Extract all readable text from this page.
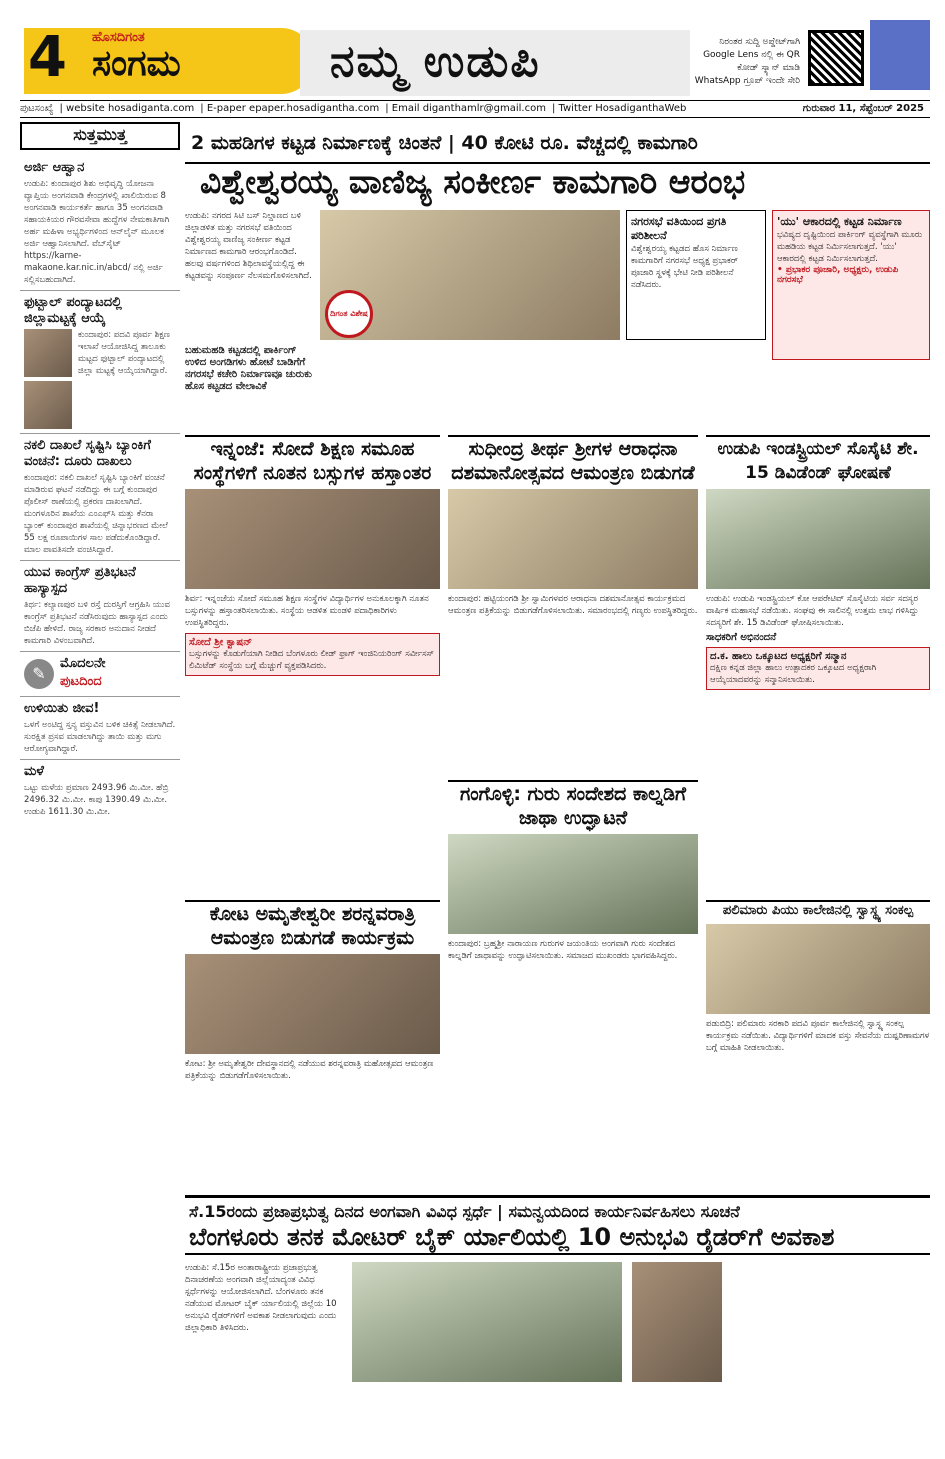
4 ಹೊಸದಿಗಂತ
ಸಂಗಮ	ನಮ್ಮ ಉಡುಪಿ	ನಿರಂತರ ಸುದ್ದಿ ಅಪ್ಡೇಟ್‌ಗಾಗಿ Google Lens ನಲ್ಲಿ ಈ QR ಕೋಡ್ ಸ್ಕ್ಯಾನ್ ಮಾಡಿ WhatsApp ಗ್ರೂಪ್ ಇಂದೇ ಸೇರಿ
ಪುಟಸಂಖ್ಯೆ | website hosadiganta.com | E-paper epaper.hosadigantha.com | Email diganthamlr@gmail.com | Twitter HosadiganthaWeb	ಗುರುವಾರ 11, ಸೆಪ್ಟೆಂಬರ್ 2025
ಸುತ್ತಮುತ್ತ
ಅರ್ಜಿ ಆಹ್ವಾನ
ಉಡುಪಿ: ಕುಂದಾಪುರ ಶಿಶು ಅಭಿವೃದ್ಧಿ ಯೋಜನಾ ವ್ಯಾಪ್ತಿಯ ಅಂಗನವಾಡಿ ಕೇಂದ್ರಗಳಲ್ಲಿ ಖಾಲಿಯಿರುವ 8 ಅಂಗನವಾಡಿ ಕಾರ್ಯಕರ್ತೆ ಹಾಗೂ 35 ಅಂಗನವಾಡಿ ಸಹಾಯಕಿಯರ ಗೌರವಸೇವಾ ಹುದ್ದೆಗಳ ನೇಮಕಾತಿಗಾಗಿ ಅರ್ಹ ಮಹಿಳಾ ಅಭ್ಯರ್ಥಿಗಳಿಂದ ಆನ್‌ಲೈನ್ ಮೂಲಕ ಅರ್ಜಿ ಆಹ್ವಾನಿಸಲಾಗಿದೆ. ವೆಬ್‌ಸೈಟ್ https://karne-makaone.kar.nic.in/abcd/ ನಲ್ಲಿ ಅರ್ಜಿ ಸಲ್ಲಿಸಬಹುದಾಗಿದೆ.
ಫುಟ್ಬಾಲ್ ಪಂದ್ಯಾಟದಲ್ಲಿ ಜಿಲ್ಲಾಮಟ್ಟಕ್ಕೆ ಆಯ್ಕೆ
ಕುಂದಾಪುರ: ಪದವಿ ಪೂರ್ವ ಶಿಕ್ಷಣ ಇಲಾಖೆ ಆಯೋಜಿಸಿದ್ದ ತಾಲೂಕು ಮಟ್ಟದ ಫುಟ್ಬಾಲ್ ಪಂದ್ಯಾಟದಲ್ಲಿ ಜಿಲ್ಲಾ ಮಟ್ಟಕ್ಕೆ ಆಯ್ಕೆಯಾಗಿದ್ದಾರೆ.
ನಕಲಿ ದಾಖಲೆ ಸೃಷ್ಟಿಸಿ ಬ್ಯಾಂಕಿಗೆ ವಂಚನೆ: ದೂರು ದಾಖಲು
ಕುಂದಾಪುರ: ನಕಲಿ ದಾಖಲೆ ಸೃಷ್ಟಿಸಿ ಬ್ಯಾಂಕಿಗೆ ವಂಚನೆ ಮಾಡಿರುವ ಘಟನೆ ನಡೆದಿದ್ದು ಈ ಬಗ್ಗೆ ಕುಂದಾಪುರ ಪೊಲೀಸ್ ಠಾಣೆಯಲ್ಲಿ ಪ್ರಕರಣ ದಾಖಲಾಗಿದೆ. ಮಂಗಳೂರಿನ ಶಾಖೆಯ ಎಂಎಫ್‌ಸಿ ಮತ್ತು ಕೆನರಾ ಬ್ಯಾಂಕ್ ಕುಂದಾಪುರ ಶಾಖೆಯಲ್ಲಿ ಚಿನ್ನಾಭರಣದ ಮೇಲೆ 55 ಲಕ್ಷ ರೂಪಾಯಿಗಳ ಸಾಲ ಪಡೆದುಕೊಂಡಿದ್ದಾರೆ. ಮಾಲ ಪಾವತಿಸದೇ ವಂಚಿಸಿದ್ದಾರೆ.
ಯುವ ಕಾಂಗ್ರೆಸ್ ಪ್ರತಿಭಟನೆ ಹಾಸ್ಯಾಸ್ಪದ
ತಿರ್ಥ: ಕಲ್ಯಾಣಪುರ ಬಳಿ ರಸ್ತೆ ದುರಸ್ತಿಗೆ ಆಗ್ರಹಿಸಿ ಯುವ ಕಾಂಗ್ರೆಸ್ ಪ್ರತಿಭಟನೆ ನಡೆಸಿರುವುದು ಹಾಸ್ಯಾಸ್ಪದ ಎಂದು ಬಿಜೆಪಿ ಹೇಳಿದೆ. ರಾಜ್ಯ ಸರಕಾರ ಅನುದಾನ ನೀಡದೆ ಕಾಮಗಾರಿ ವಿಳಂಬವಾಗಿದೆ.
✎
ಮೊದಲನೇ
ಪುಟದಿಂದ
ಉಳಿಯಿತು ಜೀವ!
ಒಳಗೆ ಅಂಟಿದ್ದ ಸ್ತನ್ಯ ವಸ್ತುವಿನ ಬಳಿಕ ಚಿಕಿತ್ಸೆ ನೀಡಲಾಗಿದೆ. ಸುರಕ್ಷಿತ ಪ್ರಸವ ಮಾಡಲಾಗಿದ್ದು ತಾಯಿ ಮತ್ತು ಮಗು ಆರೋಗ್ಯವಾಗಿದ್ದಾರೆ.
ಮಳೆ
ಒಟ್ಟು ಮಳೆಯ ಪ್ರಮಾಣ 2493.96 ಮಿ.ಮೀ. ಹೆಬ್ರಿ 2496.32 ಮಿ.ಮೀ. ಕಾಪು 1390.49 ಮಿ.ಮೀ. ಉಡುಪಿ 1611.30 ಮಿ.ಮೀ.
2 ಮಹಡಿಗಳ ಕಟ್ಟಡ ನಿರ್ಮಾಣಕ್ಕೆ ಚಿಂತನೆ | 40 ಕೋಟಿ ರೂ. ವೆಚ್ಚದಲ್ಲಿ ಕಾಮಗಾರಿ
ವಿಶ್ವೇಶ್ವರಯ್ಯ ವಾಣಿಜ್ಯ ಸಂಕೀರ್ಣ ಕಾಮಗಾರಿ ಆರಂಭ
ಉಡುಪಿ: ನಗರದ ಸಿಟಿ ಬಸ್ ನಿಲ್ದಾಣದ ಬಳಿ ಜಿಲ್ಲಾಡಳಿತ ಮತ್ತು ನಗರಸಭೆ ವತಿಯಿಂದ ವಿಶ್ವೇಶ್ವರಯ್ಯ ವಾಣಿಜ್ಯ ಸಂಕೀರ್ಣ ಕಟ್ಟಡ ನಿರ್ಮಾಣದ ಕಾಮಗಾರಿ ಆರಂಭಗೊಂಡಿದೆ. ಹಲವು ವರ್ಷಗಳಿಂದ ಶಿಥಿಲಾವಸ್ಥೆಯಲ್ಲಿದ್ದ ಈ ಕಟ್ಟಡವನ್ನು ಸಂಪೂರ್ಣ ನೆಲಸಮಗೊಳಿಸಲಾಗಿದೆ.
ದಿಗಂತ ವಿಶೇಷ
ಬಹುಮಹಡಿ ಕಟ್ಟಡದಲ್ಲಿ ಪಾರ್ಕಿಂಗ್
ಉಳಿದ ಅಂಗಡಿಗಳು ಹೋಟೆ ಬಾಡಿಗೆಗೆ
ನಗರಸಭೆ ಕಚೇರಿ ನಿರ್ಮಾಣವೂ ಚುರುಕು
ಹೊಸ ಕಟ್ಟಡದ ವೇಲಾವಿಕೆ
ನಗರಸಭೆ ವತಿಯಿಂದ ಪ್ರಗತಿ ಪರಿಶೀಲನೆ
ವಿಶ್ವೇಶ್ವರಯ್ಯ ಕಟ್ಟಡದ ಹೊಸ ನಿರ್ಮಾಣ ಕಾಮಗಾರಿಗೆ ನಗರಸಭೆ ಅಧ್ಯಕ್ಷ ಪ್ರಭಾಕರ್ ಪೂಜಾರಿ ಸ್ಥಳಕ್ಕೆ ಭೇಟಿ ನೀಡಿ ಪರಿಶೀಲನೆ ನಡೆಸಿದರು.
'ಯು' ಆಕಾರದಲ್ಲಿ ಕಟ್ಟಡ ನಿರ್ಮಾಣ
ಭವಿಷ್ಯದ ದೃಷ್ಟಿಯಿಂದ ಪಾರ್ಕಿಂಗ್ ವ್ಯವಸ್ಥೆಗಾಗಿ ಮೂರು ಮಹಡಿಯ ಕಟ್ಟಡ ನಿರ್ಮಿಸಲಾಗುತ್ತದೆ. 'ಯು' ಆಕಾರದಲ್ಲಿ ಕಟ್ಟಡ ನಿರ್ಮಿಸಲಾಗುತ್ತದೆ.
• ಪ್ರಭಾಕರ ಪೂಜಾರಿ, ಅಧ್ಯಕ್ಷರು, ಉಡುಪಿ ನಗರಸಭೆ
ಇನ್ನಂಜೆ: ಸೋದೆ ಶಿಕ್ಷಣ ಸಮೂಹ ಸಂಸ್ಥೆಗಳಿಗೆ ನೂತನ ಬಸ್ಸುಗಳ ಹಸ್ತಾಂತರ
ಶಿರ್ವ: ಇನ್ನಂಜೆಯ ಸೋದೆ ಸಮೂಹ ಶಿಕ್ಷಣ ಸಂಸ್ಥೆಗಳ ವಿದ್ಯಾರ್ಥಿಗಳ ಅನುಕೂಲಕ್ಕಾಗಿ ನೂತನ ಬಸ್ಸುಗಳನ್ನು ಹಸ್ತಾಂತರಿಸಲಾಯಿತು. ಸಂಸ್ಥೆಯ ಆಡಳಿತ ಮಂಡಳಿ ಪದಾಧಿಕಾರಿಗಳು ಉಪಸ್ಥಿತರಿದ್ದರು.
ಸೋದೆ ಶ್ರೀ ಕ್ವಾಷನ್
ಬಸ್ಸುಗಳನ್ನು ಕೊಡುಗೆಯಾಗಿ ನೀಡಿದ ಬೆಂಗಳೂರು ಲೀಡ್ ಫ್ರಾಗ್ ಇಂಜಿನಿಯರಿಂಗ್ ಸರ್ವೀಸಸ್ ಲಿಮಿಟೆಡ್ ಸಂಸ್ಥೆಯ ಬಗ್ಗೆ ಮೆಚ್ಚುಗೆ ವ್ಯಕ್ತಪಡಿಸಿದರು.
ಸುಧೀಂದ್ರ ತೀರ್ಥ ಶ್ರೀಗಳ ಆರಾಧನಾ ದಶಮಾನೋತ್ಸವದ ಆಮಂತ್ರಣ ಬಿಡುಗಡೆ
ಕುಂದಾಪುರ: ಹಟ್ಟಿಯಂಗಡಿ ಶ್ರೀ ಸ್ವಾಮಿಗಳವರ ಆರಾಧನಾ ದಶಮಾನೋತ್ಸವ ಕಾರ್ಯಕ್ರಮದ ಆಮಂತ್ರಣ ಪತ್ರಿಕೆಯನ್ನು ಬಿಡುಗಡೆಗೊಳಿಸಲಾಯಿತು. ಸಮಾರಂಭದಲ್ಲಿ ಗಣ್ಯರು ಉಪಸ್ಥಿತರಿದ್ದರು.
ಉಡುಪಿ ಇಂಡಸ್ಟ್ರಿಯಲ್ ಸೊಸೈಟಿ ಶೇ. 15 ಡಿವಿಡೆಂಡ್ ಘೋಷಣೆ
ಉಡುಪಿ: ಉಡುಪಿ ಇಂಡಸ್ಟ್ರಿಯಲ್ ಕೋ ಆಪರೇಟಿವ್ ಸೊಸೈಟಿಯ ಸರ್ವ ಸದಸ್ಯರ ವಾರ್ಷಿಕ ಮಹಾಸಭೆ ನಡೆಯಿತು. ಸಂಘವು ಈ ಸಾಲಿನಲ್ಲಿ ಉತ್ತಮ ಲಾಭ ಗಳಿಸಿದ್ದು ಸದಸ್ಯರಿಗೆ ಶೇ. 15 ಡಿವಿಡೆಂಡ್ ಘೋಷಿಸಲಾಯಿತು.
ಸಾಧಕರಿಗೆ ಅಭಿನಂದನೆ
ದ.ಕ. ಹಾಲು ಒಕ್ಕೂಟದ ಅಧ್ಯಕ್ಷರಿಗೆ ಸನ್ಮಾನ
ದಕ್ಷಿಣ ಕನ್ನಡ ಜಿಲ್ಲಾ ಹಾಲು ಉತ್ಪಾದಕರ ಒಕ್ಕೂಟದ ಅಧ್ಯಕ್ಷರಾಗಿ ಆಯ್ಕೆಯಾದವರನ್ನು ಸನ್ಮಾನಿಸಲಾಯಿತು.
ಗಂಗೊಳ್ಳಿ: ಗುರು ಸಂದೇಶದ ಕಾಲ್ನಡಿಗೆ ಜಾಥಾ ಉದ್ಘಾಟನೆ
ಕುಂದಾಪುರ: ಬ್ರಹ್ಮಶ್ರೀ ನಾರಾಯಣ ಗುರುಗಳ ಜಯಂತಿಯ ಅಂಗವಾಗಿ ಗುರು ಸಂದೇಶದ ಕಾಲ್ನಡಿಗೆ ಜಾಥಾವನ್ನು ಉದ್ಘಾಟಿಸಲಾಯಿತು. ಸಮಾಜದ ಮುಖಂಡರು ಭಾಗವಹಿಸಿದ್ದರು.
ಕೋಟ ಅಮೃತೇಶ್ವರೀ ಶರನ್ನವರಾತ್ರಿ ಆಮಂತ್ರಣ ಬಿಡುಗಡೆ ಕಾರ್ಯಕ್ರಮ
ಕೋಟ: ಶ್ರೀ ಅಮೃತೇಶ್ವರೀ ದೇವಸ್ಥಾನದಲ್ಲಿ ನಡೆಯುವ ಶರನ್ನವರಾತ್ರಿ ಮಹೋತ್ಸವದ ಆಮಂತ್ರಣ ಪತ್ರಿಕೆಯನ್ನು ಬಿಡುಗಡೆಗೊಳಿಸಲಾಯಿತು.
ಪಲಿಮಾರು ಪಿಯು ಕಾಲೇಜಿನಲ್ಲಿ ಸ್ವಾಸ್ಥ್ಯ ಸಂಕಲ್ಪ
ಪಡುಬಿದ್ರಿ: ಪಲಿಮಾರು ಸರಕಾರಿ ಪದವಿ ಪೂರ್ವ ಕಾಲೇಜಿನಲ್ಲಿ ಸ್ವಾಸ್ಥ್ಯ ಸಂಕಲ್ಪ ಕಾರ್ಯಕ್ರಮ ನಡೆಯಿತು. ವಿದ್ಯಾರ್ಥಿಗಳಿಗೆ ಮಾದಕ ವಸ್ತು ಸೇವನೆಯ ದುಷ್ಪರಿಣಾಮಗಳ ಬಗ್ಗೆ ಮಾಹಿತಿ ನೀಡಲಾಯಿತು.
ಸೆ.15ರಂದು ಪ್ರಜಾಪ್ರಭುತ್ವ ದಿನದ ಅಂಗವಾಗಿ ವಿವಿಧ ಸ್ಪರ್ಧೆ | ಸಮನ್ವಯದಿಂದ ಕಾರ್ಯನಿರ್ವಹಿಸಲು ಸೂಚನೆ
ಬೆಂಗಳೂರು ತನಕ ಮೋಟರ್ ಬೈಕ್ ರ್ಯಾಲಿಯಲ್ಲಿ 10 ಅನುಭವಿ ರೈಡರ್‌ಗೆ ಅವಕಾಶ
ಉಡುಪಿ: ಸೆ.15ರ ಅಂತಾರಾಷ್ಟ್ರೀಯ ಪ್ರಜಾಪ್ರಭುತ್ವ ದಿನಾಚರಣೆಯ ಅಂಗವಾಗಿ ಜಿಲ್ಲೆಯಾದ್ಯಂತ ವಿವಿಧ ಸ್ಪರ್ಧೆಗಳನ್ನು ಆಯೋಜಿಸಲಾಗಿದೆ. ಬೆಂಗಳೂರು ತನಕ ನಡೆಯುವ ಮೋಟರ್ ಬೈಕ್ ರ್ಯಾಲಿಯಲ್ಲಿ ಜಿಲ್ಲೆಯ 10 ಅನುಭವಿ ರೈಡರ್‌ಗಳಿಗೆ ಅವಕಾಶ ನೀಡಲಾಗುವುದು ಎಂದು ಜಿಲ್ಲಾಧಿಕಾರಿ ತಿಳಿಸಿದರು.
